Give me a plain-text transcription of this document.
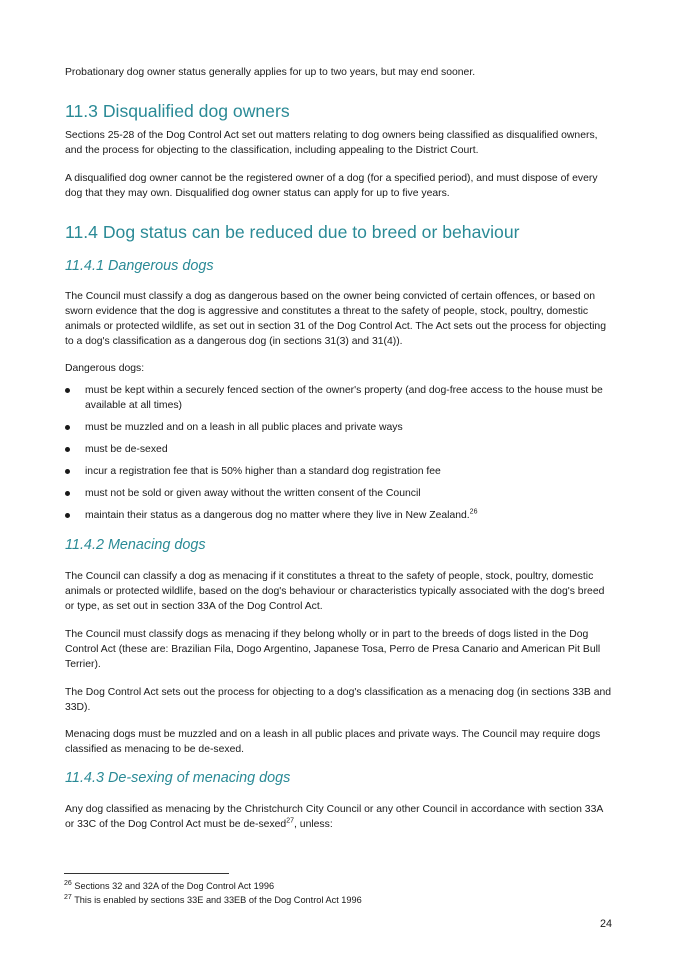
Probationary dog owner status generally applies for up to two years, but may end sooner.

11.3 Disqualified dog owners

Sections 25-28 of the Dog Control Act set out matters relating to dog owners being classified as disqualified owners, and the process for objecting to the classification, including appealing to the District Court.

A disqualified dog owner cannot be the registered owner of a dog (for a specified period), and must dispose of every dog that they may own. Disqualified dog owner status can apply for up to five years.

11.4 Dog status can be reduced due to breed or behaviour
11.4.1 Dangerous dogs

The Council must classify a dog as dangerous based on the owner being convicted of certain offences, or based on sworn evidence that the dog is aggressive and constitutes a threat to the safety of people, stock, poultry, domestic animals or protected wildlife, as set out in section 31 of the Dog Control Act. The Act sets out the process for objecting to a dog's classification as a dangerous dog (in sections 31(3) and 31(4)).

Dangerous dogs:

must be kept within a securely fenced section of the owner's property (and dog-free access to the house must be available at all times)
must be muzzled and on a leash in all public places and private ways
must be de-sexed
incur a registration fee that is 50% higher than a standard dog registration fee
must not be sold or given away without the written consent of the Council
maintain their status as a dangerous dog no matter where they live in New Zealand.$^{26}$
11.4.2 Menacing dogs

The Council can classify a dog as menacing if it constitutes a threat to the safety of people, stock, poultry, domestic animals or protected wildlife, based on the dog's behaviour or characteristics typically associated with the dog's breed or type, as set out in section 33A of the Dog Control Act.

The Council must classify dogs as menacing if they belong wholly or in part to the breeds of dogs listed in the Dog Control Act (these are: Brazilian Fila, Dogo Argentino, Japanese Tosa, Perro de Presa Canario and American Pit Bull Terrier).

The Dog Control Act sets out the process for objecting to a dog's classification as a menacing dog (in sections 33B and 33D).

Menacing dogs must be muzzled and on a leash in all public places and private ways. The Council may require dogs classified as menacing to be de-sexed.

11.4.3 De-sexing of menacing dogs

Any dog classified as menacing by the Christchurch City Council or any other Council in accordance with section 33A or 33C of the Dog Control Act must be de-sexed$^{27}$, unless:

$^{26}$ Sections 32 and 32A of the Dog Control Act 1996
$^{27}$ This is enabled by sections 33E and 33EB of the Dog Control Act 1996
24
